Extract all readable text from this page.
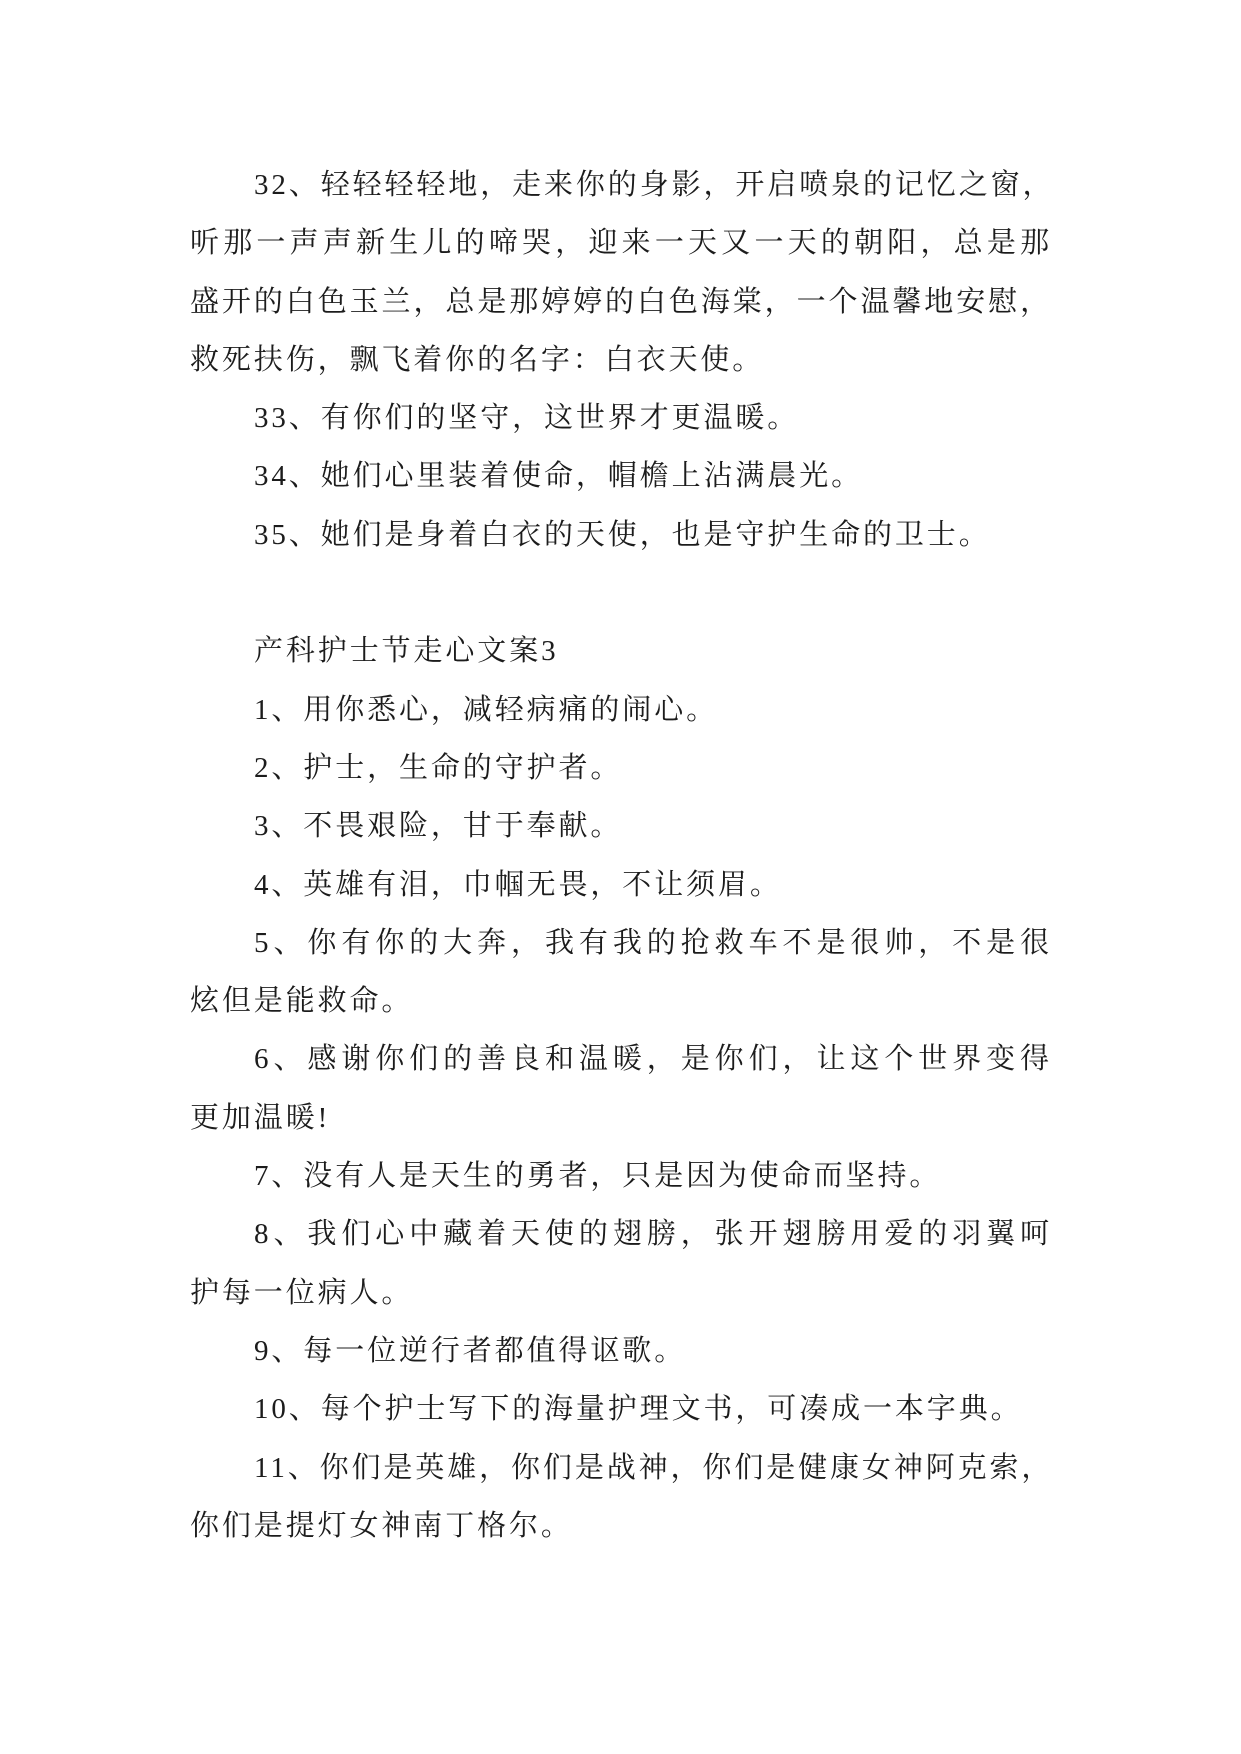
32、轻轻轻轻地，走来你的身影，开启喷泉的记忆之窗，
听那一声声新生儿的啼哭，迎来一天又一天的朝阳，总是那
盛开的白色玉兰，总是那婷婷的白色海棠，一个温馨地安慰，
救死扶伤，飘飞着你的名字：白衣天使。
33、有你们的坚守，这世界才更温暖。
34、她们心里装着使命，帽檐上沾满晨光。
35、她们是身着白衣的天使，也是守护生命的卫士。
产科护士节走心文案3
1、用你悉心，减轻病痛的闹心。
2、护士，生命的守护者。
3、不畏艰险，甘于奉献。
4、英雄有泪，巾帼无畏，不让须眉。
5、你有你的大奔，我有我的抢救车不是很帅，不是很
炫但是能救命。
6、感谢你们的善良和温暖，是你们，让这个世界变得
更加温暖!
7、没有人是天生的勇者，只是因为使命而坚持。
8、我们心中藏着天使的翅膀，张开翅膀用爱的羽翼呵
护每一位病人。
9、每一位逆行者都值得讴歌。
10、每个护士写下的海量护理文书，可凑成一本字典。
11、你们是英雄，你们是战神，你们是健康女神阿克索，
你们是提灯女神南丁格尔。
